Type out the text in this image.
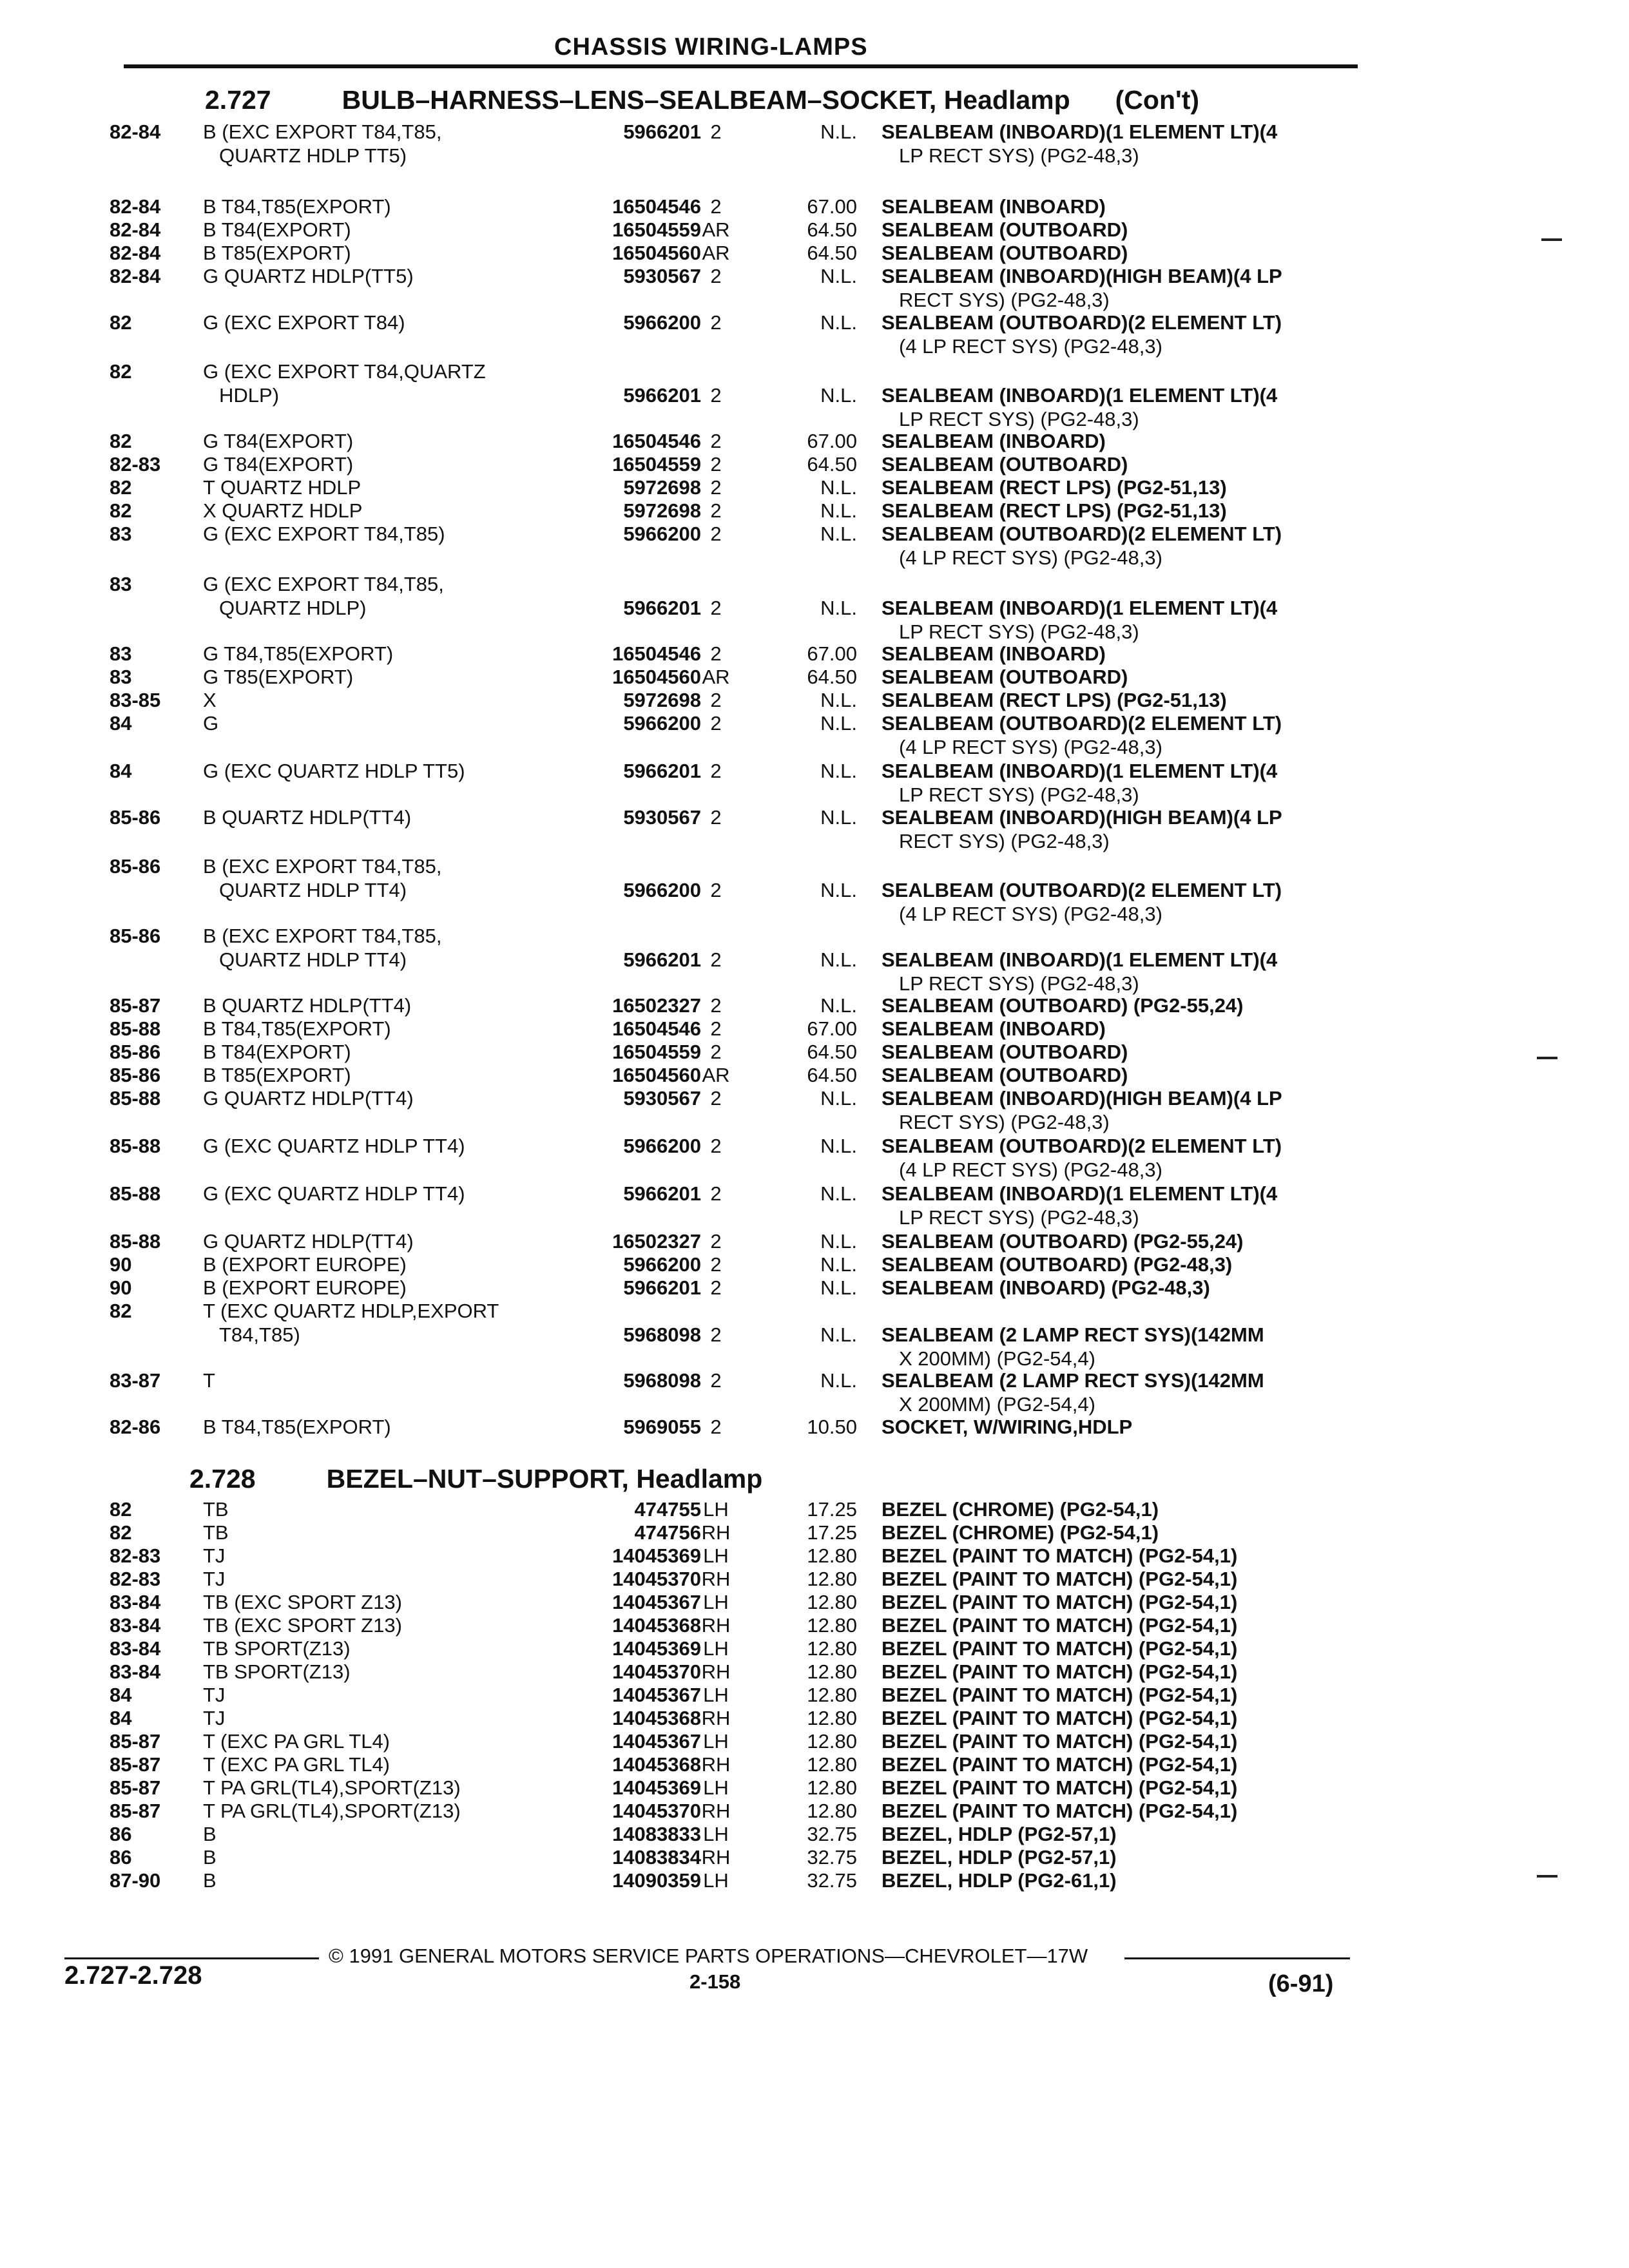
CHASSIS WIRING-LAMPS
2.727	BULB–HARNESS–LENS–SEALBEAM–SOCKET, Headlamp (Con't)
82-84	B (EXC EXPORT T84,T85,
QUARTZ HDLP TT5)
5966201 2	N.L. SEALBEAM (INBOARD)(1 ELEMENT LT)(4
LP RECT SYS) (PG2-48,3)
82-84	B T84,T85(EXPORT)	16504546 2	67.00 SEALBEAM (INBOARD)
82-84	B T84(EXPORT)	16504559 AR	64.50 SEALBEAM (OUTBOARD)
82-84	B T85(EXPORT)	16504560 AR	64.50 SEALBEAM (OUTBOARD)
82-84	G QUARTZ HDLP(TT5)	5930567 2	N.L. SEALBEAM (INBOARD)(HIGH BEAM)(4 LP
RECT SYS) (PG2-48,3)
82	G (EXC EXPORT T84)	5966200 2	N.L. SEALBEAM (OUTBOARD)(2 ELEMENT LT)
(4 LP RECT SYS) (PG2-48,3)
82	G (EXC EXPORT T84,QUARTZ
HDLP)	5966201 2	N.L. SEALBEAM (INBOARD)(1 ELEMENT LT)(4
LP RECT SYS) (PG2-48,3)
82	G T84(EXPORT)	16504546 2	67.00 SEALBEAM (INBOARD)
82-83	G T84(EXPORT)	16504559 2	64.50 SEALBEAM (OUTBOARD)
82	T QUARTZ HDLP	5972698 2	N.L. SEALBEAM (RECT LPS) (PG2-51,13)
82	X QUARTZ HDLP	5972698 2	N.L. SEALBEAM (RECT LPS) (PG2-51,13)
83	G (EXC EXPORT T84,T85)	5966200 2	N.L. SEALBEAM (OUTBOARD)(2 ELEMENT LT)
(4 LP RECT SYS) (PG2-48,3)
83	G (EXC EXPORT T84,T85,
QUARTZ HDLP)	5966201 2	N.L. SEALBEAM (INBOARD)(1 ELEMENT LT)(4
LP RECT SYS) (PG2-48,3)
83	G T84,T85(EXPORT)	16504546 2	67.00 SEALBEAM (INBOARD)
83	G T85(EXPORT)	16504560 AR	64.50 SEALBEAM (OUTBOARD)
83-85	X	5972698 2	N.L. SEALBEAM (RECT LPS) (PG2-51,13)
84	G	5966200 2	N.L. SEALBEAM (OUTBOARD)(2 ELEMENT LT)
(4 LP RECT SYS) (PG2-48,3)
84	G (EXC QUARTZ HDLP TT5)	5966201 2	N.L. SEALBEAM (INBOARD)(1 ELEMENT LT)(4
LP RECT SYS) (PG2-48,3)
85-86	B QUARTZ HDLP(TT4)	5930567 2	N.L. SEALBEAM (INBOARD)(HIGH BEAM)(4 LP
RECT SYS) (PG2-48,3)
85-86	B (EXC EXPORT T84,T85,
QUARTZ HDLP TT4)	5966200 2	N.L. SEALBEAM (OUTBOARD)(2 ELEMENT LT)
(4 LP RECT SYS) (PG2-48,3)
85-86	B (EXC EXPORT T84,T85,
QUARTZ HDLP TT4)	5966201 2	N.L. SEALBEAM (INBOARD)(1 ELEMENT LT)(4
LP RECT SYS) (PG2-48,3)
85-87	B QUARTZ HDLP(TT4)	16502327 2	N.L. SEALBEAM (OUTBOARD) (PG2-55,24)
85-88	B T84,T85(EXPORT)	16504546 2	67.00 SEALBEAM (INBOARD)
85-86	B T84(EXPORT)	16504559 2	64.50 SEALBEAM (OUTBOARD)
85-86	B T85(EXPORT)	16504560 AR	64.50 SEALBEAM (OUTBOARD)
85-88	G QUARTZ HDLP(TT4)	5930567 2	N.L. SEALBEAM (INBOARD)(HIGH BEAM)(4 LP
RECT SYS) (PG2-48,3)
85-88	G (EXC QUARTZ HDLP TT4)	5966200 2	N.L. SEALBEAM (OUTBOARD)(2 ELEMENT LT)
(4 LP RECT SYS) (PG2-48,3)
85-88	G (EXC QUARTZ HDLP TT4)	5966201 2	N.L. SEALBEAM (INBOARD)(1 ELEMENT LT)(4
LP RECT SYS) (PG2-48,3)
85-88	G QUARTZ HDLP(TT4)	16502327 2	N.L. SEALBEAM (OUTBOARD) (PG2-55,24)
90	B (EXPORT EUROPE)	5966200 2	N.L. SEALBEAM (OUTBOARD) (PG2-48,3)
90	B (EXPORT EUROPE)	5966201 2	N.L. SEALBEAM (INBOARD) (PG2-48,3)
82	T (EXC QUARTZ HDLP,EXPORT
T84,T85)	5968098 2	N.L. SEALBEAM (2 LAMP RECT SYS)(142MM
X 200MM) (PG2-54,4)
83-87	T	5968098 2	N.L. SEALBEAM (2 LAMP RECT SYS)(142MM
X 200MM) (PG2-54,4)
82-86	B T84,T85(EXPORT)	5969055 2	10.50 SOCKET, W/WIRING,HDLP
2.728	BEZEL–NUT–SUPPORT, Headlamp
82	TB	474755 LH	17.25 BEZEL (CHROME) (PG2-54,1)
82	TB	474756 RH	17.25 BEZEL (CHROME) (PG2-54,1)
82-83	TJ	14045369 LH	12.80 BEZEL (PAINT TO MATCH) (PG2-54,1)
82-83	TJ	14045370 RH	12.80 BEZEL (PAINT TO MATCH) (PG2-54,1)
83-84	TB (EXC SPORT Z13)	14045367 LH	12.80 BEZEL (PAINT TO MATCH) (PG2-54,1)
83-84	TB (EXC SPORT Z13)	14045368 RH	12.80 BEZEL (PAINT TO MATCH) (PG2-54,1)
83-84	TB SPORT(Z13)	14045369 LH	12.80 BEZEL (PAINT TO MATCH) (PG2-54,1)
83-84	TB SPORT(Z13)	14045370 RH	12.80 BEZEL (PAINT TO MATCH) (PG2-54,1)
84	TJ	14045367 LH	12.80 BEZEL (PAINT TO MATCH) (PG2-54,1)
84	TJ	14045368 RH	12.80 BEZEL (PAINT TO MATCH) (PG2-54,1)
85-87	T (EXC PA GRL TL4)	14045367 LH	12.80 BEZEL (PAINT TO MATCH) (PG2-54,1)
85-87	T (EXC PA GRL TL4)	14045368 RH	12.80 BEZEL (PAINT TO MATCH) (PG2-54,1)
85-87	T PA GRL(TL4),SPORT(Z13)	14045369 LH	12.80 BEZEL (PAINT TO MATCH) (PG2-54,1)
85-87	T PA GRL(TL4),SPORT(Z13)	14045370 RH	12.80 BEZEL (PAINT TO MATCH) (PG2-54,1)
86	B	14083833 LH	32.75 BEZEL, HDLP (PG2-57,1)
86	B	14083834 RH	32.75 BEZEL, HDLP (PG2-57,1)
87-90	B	14090359 LH	32.75 BEZEL, HDLP (PG2-61,1)
© 1991 GENERAL MOTORS SERVICE PARTS OPERATIONS—CHEVROLET—17W
2.727-2.728	2-158	(6-91)
